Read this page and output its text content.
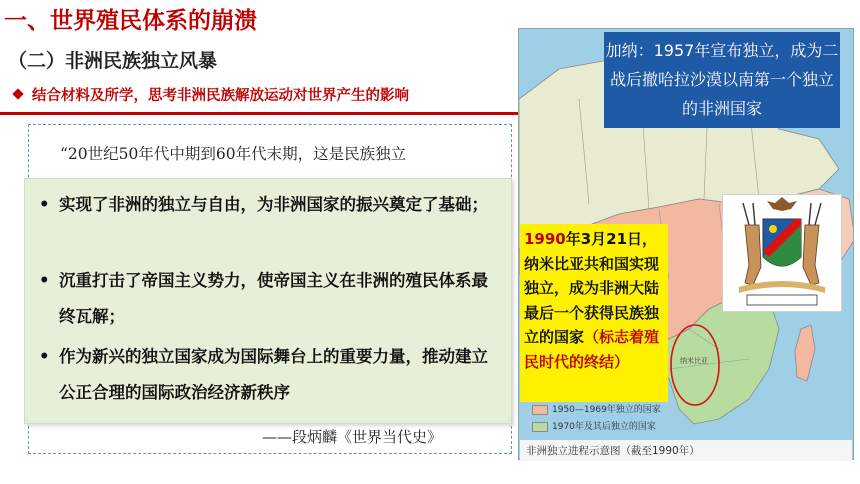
一、世界殖民体系的崩溃
（二）非洲民族独立风暴
结合材料及所学，思考非洲民族解放运动对世界产生的影响
“20世纪50年代中期到60年代末期，这是民族独立
• 实现了非洲的独立与自由，为非洲国家的振兴奠定了基础；
• 沉重打击了帝国主义势力，使帝国主义在非洲的殖民体系最终瓦解；
• 作为新兴的独立国家成为国际舞台上的重要力量，推动建立公正合理的国际政治经济新秩序
——段炳麟《世界当代史》
纳米比亚
加纳：1957年宣布独立，成为二战后撤哈拉沙漠以南第一个独立的非洲国家
1990年3月21日，纳米比亚共和国实现独立，成为非洲大陆最后一个获得民族独立的国家（标志着殖民时代的终结）
1950—1969年独立的国家
1970年及其后独立的国家
非洲独立进程示意图（截至1990年）
